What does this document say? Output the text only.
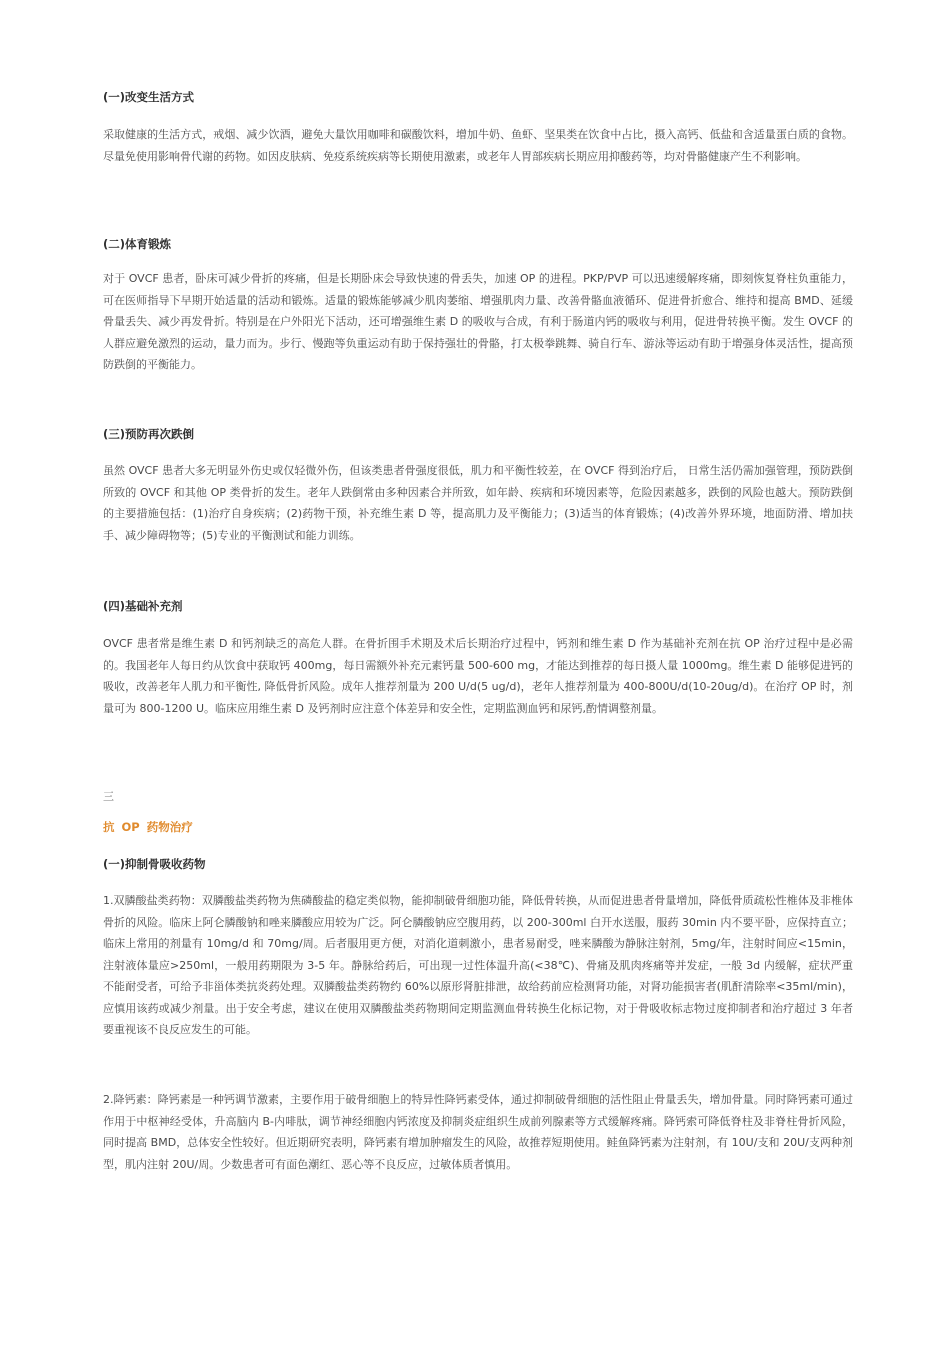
(一)改变生活方式
采取健康的生活方式，戒烟、减少饮酒，避免大量饮用咖啡和碳酸饮料，增加牛奶、鱼虾、坚果类在饮食中占比，摄入高钙、低盐和含适量蛋白质的食物。尽量免使用影响骨代谢的药物。如因皮肤病、免疫系统疾病等长期使用激素，或老年人胃部疾病长期应用抑酸药等，均对骨骼健康产生不利影响。
(二)体育锻炼
对于 OVCF 患者，卧床可减少骨折的疼痛，但是长期卧床会导致快速的骨丢失，加速 OP 的进程。PKP/PVP 可以迅速缓解疼痛，即刻恢复脊柱负重能力，可在医师指导下早期开始适量的活动和锻炼。适量的锻炼能够减少肌肉萎缩、增强肌肉力量、改善骨骼血液循环、促进骨折愈合、维持和提高 BMD、延缓骨量丢失、减少再发骨折。特别是在户外阳光下活动，还可增强维生素 D 的吸收与合成，有利于肠道内钙的吸收与利用，促进骨转换平衡。发生 OVCF 的人群应避免激烈的运动，量力而为。步行、慢跑等负重运动有助于保持强壮的骨骼，打太极拳跳舞、骑自行车、游泳等运动有助于增强身体灵活性，提高预防跌倒的平衡能力。
(三)预防再次跌倒
虽然 OVCF 患者大多无明显外伤史或仅轻微外伤，但该类患者骨强度很低，肌力和平衡性较差，在 OVCF 得到治疗后， 日常生活仍需加强管理，预防跌倒所致的 OVCF 和其他 OP 类骨折的发生。老年人跌倒常由多种因素合并所致，如年龄、疾病和环境因素等，危险因素越多，跌倒的风险也越大。预防跌倒的主要措施包括：(1)治疗自身疾病；(2)药物干预，补充维生素 D 等，提高肌力及平衡能力；(3)适当的体育锻炼；(4)改善外界环境，地面防滑、增加扶手、减少障碍物等；(5)专业的平衡测试和能力训练。
(四)基础补充剂
OVCF 患者常是维生素 D 和钙剂缺乏的高危人群。在骨折围手术期及术后长期治疗过程中，钙剂和维生素 D 作为基础补充剂在抗 OP 治疗过程中是必需的。我国老年人每日约从饮食中获取钙 400mg，每日需额外补充元素钙量 500-600 mg，才能达到推荐的每日摄人量 1000mg。维生素 D 能够促进钙的吸收，改善老年人肌力和平衡性, 降低骨折风险。成年人推荐剂量为 200 U/d(5 ug/d)，老年人推荐剂量为 400-800U/d(10-20ug/d)。在治疗 OP 时，剂量可为 800-1200 U。临床应用维生素 D 及钙剂时应注意个体差异和安全性，定期监测血钙和尿钙,酌情调整剂量。
三
抗 OP 药物治疗
(一)抑制骨吸收药物
1.双膦酸盐类药物：双膦酸盐类药物为焦磷酸盐的稳定类似物，能抑制破骨细胞功能，降低骨转换，从而促进患者骨量增加，降低骨质疏松性椎体及非椎体骨折的风险。临床上阿仑膦酸钠和唑来膦酸应用较为广泛。阿仑膦酸钠应空腹用药，以 200-300ml 白开水送服，服药 30min 内不要平卧，应保持直立；临床上常用的剂量有 10mg/d 和 70mg/周。后者服用更方便，对消化道刺激小，患者易耐受，唑来膦酸为静脉注射剂，5mg/年，注射时间应<15min，注射液体量应>250ml，一般用药期限为 3-5 年。静脉给药后，可出现一过性体温升高(<38℃)、骨痛及肌肉疼痛等并发症，一般 3d 内缓解，症状严重不能耐受者，可给予非甾体类抗炎药处理。双膦酸盐类药物约 60%以原形肾脏排泄，故给药前应检测肾功能，对肾功能损害者(肌酐清除率<35ml/min)，应慎用该药或减少剂量。出于安全考虑，建议在使用双膦酸盐类药物期间定期监测血骨转换生化标记物，对于骨吸收标志物过度抑制者和治疗超过 3 年者要重视该不良反应发生的可能。
2.降钙素：降钙素是一种钙调节激素，主要作用于破骨细胞上的特异性降钙素受体，通过抑制破骨细胞的活性阻止骨量丢失，增加骨量。同时降钙素可通过作用于中枢神经受体，升高脑内 B-内啡肽，调节神经细胞内钙浓度及抑制炎症组织生成前列腺素等方式缓解疼痛。降钙索可降低脊柱及非脊柱骨折风险，同时提高 BMD，总体安全性较好。但近期研究表明，降钙素有增加肿瘤发生的风险，故推荐短期使用。鲑鱼降钙素为注射剂，有 10U/支和 20U/支两种剂型，肌内注射 20U/周。少数患者可有面色潮红、恶心等不良反应，过敏体质者慎用。
